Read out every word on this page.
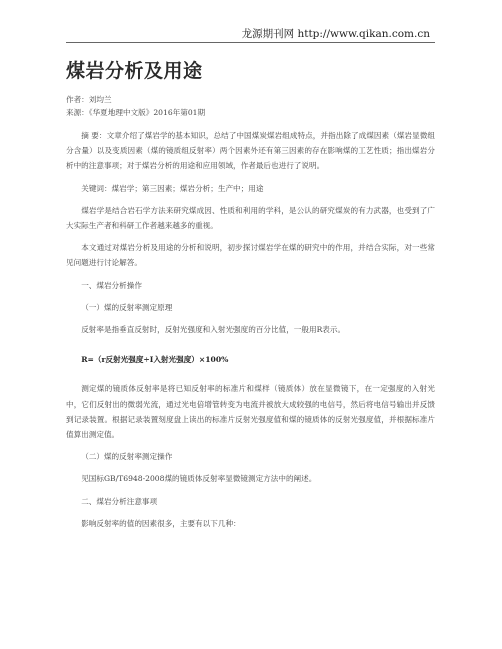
龙源期刊网 http://www.qikan.com.cn
煤岩分析及用途
作者：刘均兰
来源：《华夏地理中文版》2016年第01期

摘 要：文章介绍了煤岩学的基本知识，总结了中国煤炭煤岩组成特点，并指出除了成煤因素（煤岩显微组分含量）以及变质因素（煤的镜质组反射率）两个因素外还有第三因素的存在影响煤的工艺性质；指出煤岩分析中的注意事项；对于煤岩分析的用途和应用领域，作者最后也进行了说明。

关键词：煤岩学；第三因素；煤岩分析；生产中；用途

煤岩学是结合岩石学方法来研究煤成因、性质和利用的学科，是公认的研究煤炭的有力武器，也受到了广大实际生产者和科研工作者越来越多的重视。

本文通过对煤岩分析及用途的分析和说明，初步探讨煤岩学在煤的研究中的作用，并结合实际，对一些常见问题进行讨论解答。

一、煤岩分析操作

（一）煤的反射率测定原理

反射率是指垂直反射时，反射光强度和入射光强度的百分比值，一般用R表示。

R=（r反射光强度÷I入射光强度）×100%

测定煤的镜质体反射率是将已知反射率的标准片和煤样（镜质体）放在显微镜下，在一定强度的入射光中，它们反射出的微弱光流，通过光电倍增管转变为电流并被放大成较强的电信号，然后将电信号输出并反馈到记录装置。根据记录装置刻度盘上读出的标准片反射光强度值和煤的镜质体的反射光强度值，并根据标准片值算出测定值。

（二）煤的反射率测定操作

见国标GB/T6948-2008煤的镜质体反射率显微镜测定方法中的阐述。

二、煤岩分析注意事项

影响反射率的值的因素很多，主要有以下几种：
